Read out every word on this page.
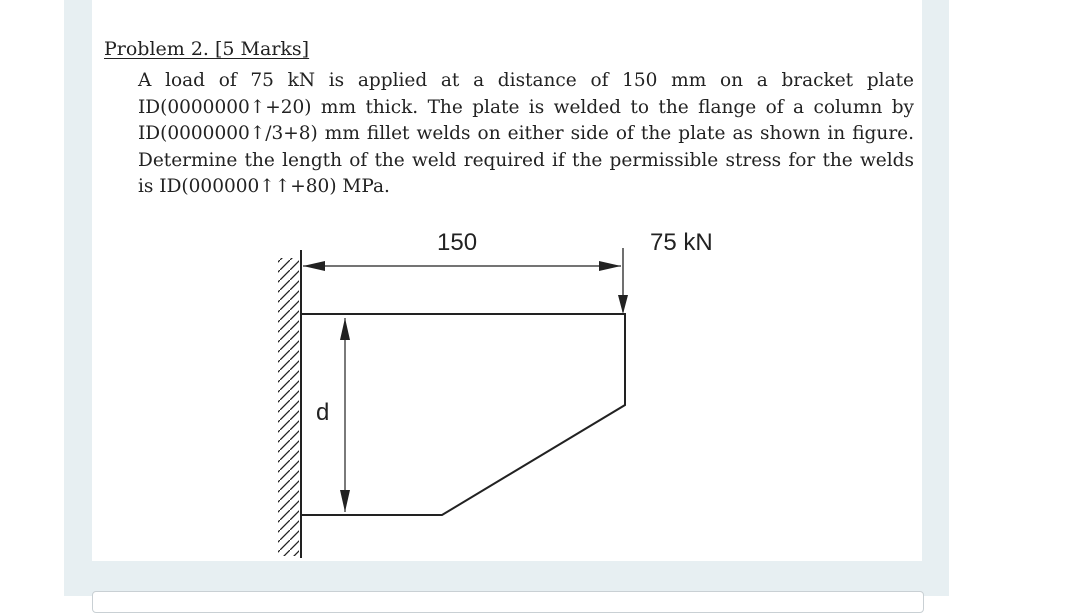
Problem 2. [5 Marks]
A load of 75 kN is applied at a distance of 150 mm on a bracket plate
ID(0000000↑+20) mm thick. The plate is welded to the flange of a column by
ID(0000000↑/3+8) mm fillet welds on either side of the plate as shown in figure.
Determine the length of the weld required if the permissible stress for the welds
is ID(000000↑↑+80) MPa.
150	75 kN
d
